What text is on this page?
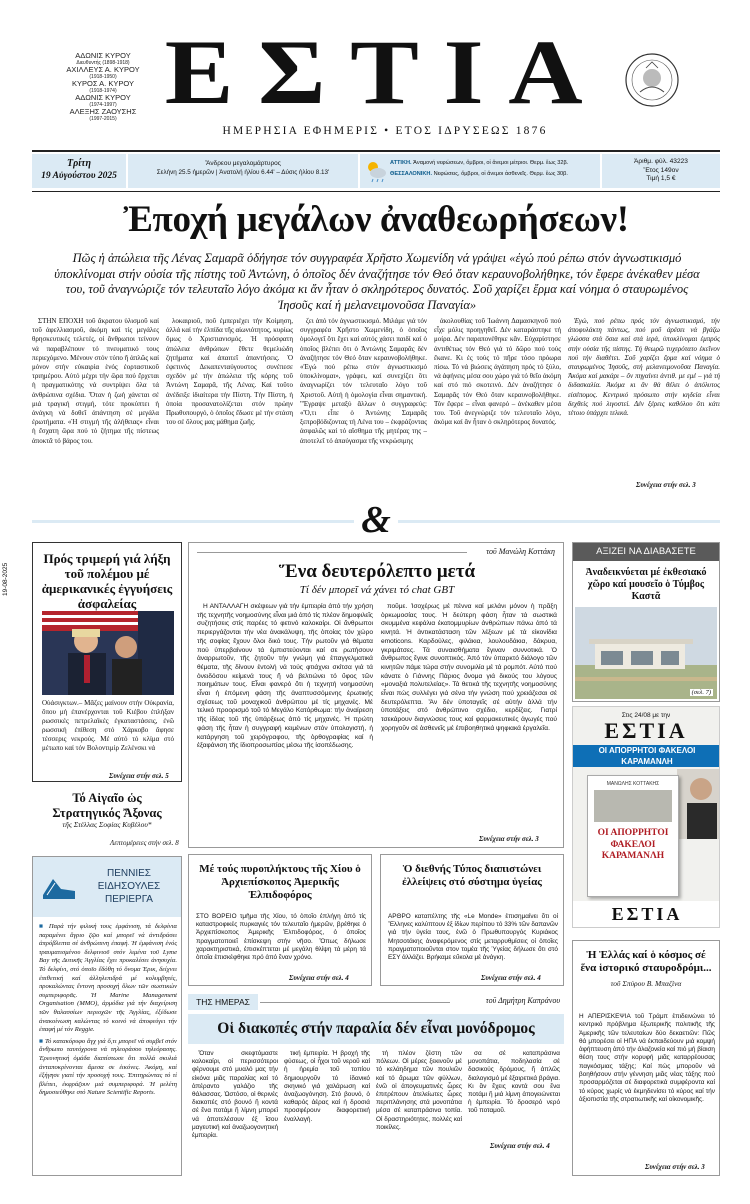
ΑΔΩΝΙΣ ΚΥΡΟΥ
Διευθυντής (1898-1918)
ΑΧΙΛΛΕΥΣ Α. ΚΥΡΟΥ
(1918-1950)
ΚΥΡΟΣ Α. ΚΥΡΟΥ
(1918-1974)
ΑΔΩΝΙΣ ΚΥΡΟΥ
(1974-1997)
ΑΛΕΞΗΣ ΖΑΟΥΣΗΣ
(1997-2015) ΕΣΤΙΑ
ΗΜΕΡΗΣΙΑ ΕΦΗΜΕΡΙΣ • ΕΤΟΣ ΙΔΡΥΣΕΩΣ 1876
Τρίτη
19 Αὐγούστου 2025
Ἄνδρεου μεγαλομάρτυρος
Σελήνη 25.5 ἡμερῶν | Ἀνατολή ἡλίου 6.44' – Δύσις ἡλίου 8.13'
ΑΤΤΙΚΗ. Ἀναμονή νεφώσεων, ὄμβροι, οἱ ἄνεμοι μέτριοι. Θερμ. ἕως 32β.
ΘΕΣΣΑΛΟΝΙΚΗ. Νεφώσεις, ὄμβροι, οἱ ἄνεμοι ἀσθενεῖς. Θερμ. ἕως 30β.
Ἀριθμ. φύλ. 43223
Ἔτος 149ον
Τιμή 1,5 €
Ἐποχή μεγάλων ἀναθεωρήσεων!
Πῶς ἡ ἀπώλεια τῆς Λένας Σαμαρᾶ ὁδήγησε τόν συγγραφέα Χρῆστο Χωμενίδη νά γράψει «ἐγώ πού ρέπω στόν ἀγνωστικισμό ὑποκλίνομαι στήν οὐσία τῆς πίστης τοῦ Ἀντώνη, ὁ ὁποῖος δέν ἀναζήτησε τόν Θεό ὅταν κεραυνοβολήθηκε, τόν ἔφερε ἀνέκαθεν μέσα του, τοῦ ἀναγνώριζε τόν τελευταῖο λόγο ἀκόμα κι ἄν ἦταν ὁ σκληρότερος δυνατός. Σοῦ χαρίζει ἔρμα καί νόημα ὁ σταυρωμένος Ἰησοῦς καί ἡ μελανειμονοῦσα Παναγία»

ΣΤΗΝ ΕΠΟΧΗ τοῦ ἄκρατου ὑλισμοῦ καί τοῦ ἀφελλιασμοῦ, ἀκόμη καί τίς μεγάλες θρησκευτικές τελετές, οἱ ἄνθρωποι τείνουν νά παραβλέπουν τό πνευματικό τους περιεχόμενο. Μένουν στόν τύπο ἤ ἁπλῶς καί μόνον στήν εὐκαιρία ἑνός ἑορταστικοῦ τριημέρου. Αὐτό μέχρι τήν ὥρα πού ἔρχεται ἡ πραγματικότης νά συντρίψει ὅλα τά ἀνθρώπινα σχέδια. Ὅταν ἡ ζωή χάνεται σέ μιά τραγική στιγμή, τότε προκύπτει ἡ ἀνάγκη νά δοθεῖ ἀπάντηση σέ μεγάλα ἐρωτήματα. «Ἡ στιγμή τῆς ἀλήθειας» εἶναι ἡ ἔσχατη ὥρα πού τό ζήτημα τῆς πίστεως ἀποκτᾶ τό βάρος του.

λοκαιριοῦ, ποῦ ἐμπεριέχει τήν Κοίμηση, ἀλλά καί τήν ἐλπίδα τῆς αἰωνιότητος, κυρίως ὅμως ὁ Χριστιανισμός. Ἡ πρόσφατη ἀπώλεια ἀνθρώπων ἔθετε θεμελιώδη ζητήματα καί ἀπαιτεῖ ἀπαντήσεις. Ὁ ἐφετινός Δεκαπενταύγουστος συνέπεσε σχεδόν μέ τήν ἀπώλεια τῆς κόρης τοῦ Ἀντώνη Σαμαρᾶ, τῆς Λένας. Καί τοῦτο ἀνέδειξε ἰδιαίτερα τήν Πίστη. Τήν Πίστη, ἡ ὁποία προσανατολίζεται στόν πρώην Πρωθυπουργό, ὁ ὁποῖος ἔδωσε μέ τήν στάση του σέ ὅλους μας μάθημα ζωῆς.

ζει ἀπό τόν ἀγνωστικισμό. Μιλάμε γιά τόν συγγραφέα Χρῆστο Χωμενίδη, ὁ ὁποῖος ὁμολογεῖ ὅτι ἔχει καί αὐτός χάσει παιδί καί ὁ ὁποῖος βλέπει ὅτι ὁ Ἀντώνης Σαμαρᾶς δέν ἀναζήτησε τόν Θεό ὅταν κεραυνοβολήθηκε. «Ἐγώ πού ρέπω στόν ἀγνωστικισμό ὑποκλίνομαι», γράφει, καί συνεχίζει ὅτι ἀναγνωρίζει τόν τελευταῖο λόγο τοῦ Χριστοῦ. Αὐτή ἡ ὁμολογία εἶναι σημαντική. "Ἐγραψε μεταξύ ἄλλων ὁ συγγραφεύς: «Ὅ,τι εἶπε ὁ Ἀντώνης Σαμαρᾶς ξεπροβόδιζοντας τή Λένα του – ἐκφράζοντας ἀσφαλῶς καί τό αἴσθημα τῆς μητέρας της – ἀποτελεῖ τό ἀπαύγασμα τῆς νεκρώσιμης

ἀκολουθίας τοῦ Ἰωάννη Δαμασκηνοῦ πού εἶχε μόλις προηγηθεῖ. Δέν καταράστηκε τή μοίρα. Δέν παραπονέθηκε κἄν. Εὐχαρίστησε ἀντιθέτως τόν Θεό γιά τό δῶρο πού τούς ἔκανε. Κι ἐς τούς τό πῆρε τόσο πρόωρα πίσω. Τό νά βιώσεις ἀγάπηση πρός τό ξύλο, νά ἀφήνεις μέσα σου χώρο γιά τό θεῖο ἀκόμη καί στό πιό σκοτεινό. Δέν ἀναζήτησε ὁ Σαμαρᾶς τόν Θεό ὅταν κεραυνοβολήθηκε. Τόν ἔφερε – εἶναι φανερό – ἀνέκαθεν μέσα του. Τοῦ ἀνεγνώριζε τόν τελευταῖο λόγο, ἀκόμα καί ἄν ἦταν ὁ σκληρότερος δυνατός.

Ἐγώ, πού ρέπω πρός τόν ἀγνωστικισμό, τήν ἀποφυλάκτη πάντως, πού μοῦ ἀρέσει νά βγάζω γλώσσα στά ὅσια καί στά ἱερά, ὑποκλίνομαι ἐμπρός στήν οὐσία τῆς πίστης. Τή θεωρῶ τυχερότατο ἐκεῖνον πού τήν διαθέτει. Σοῦ χαρίζει ἔρμα καί νόημα ὁ σταυρωμένος Ἰησοῦς, στή μελανειμονοῦσα Παναγία. Ἀκόμα καί μακάρι – ὄν πηγαίνει ἀντιθ. με εμέ – γιά τή διδασκαλία. Ἀκόμα κι ἄν θά θέλει ὁ ἀπόλυτος εἰσέπομος. Κεντρικό πρόσωπο στήν κηδεία εἶναι δεχθείς πού λιγοστεί. Δέν ξέρεις καθόλου ὅτι κάτι τέτοιο ὑπάρχει τελικά.

Συνέχεια στήν σελ. 3
&
19-08-2025
Πρός τριμερή γιά λήξη τοῦ πολέμου μέ ἀμερικανικές ἐγγυήσεις ἀσφαλείας
Οὐάσιγκτων.– Μᾶζες μαίνουν στήν Οὐκρανία, ὅπου μή ἐπανέρχονται τοῦ Κιέβου ἐπλήξαν ρωσσικές πετρελαϊκές ἐγκαταστάσεις, ἐνῶ ρωσσική ἐπίθεση στό Χάρκοβο ἄφησε τέσσερις νεκρούς. Μέ αὐτό τό κλίμα στό μέτωπο καί τόν Βολοντιμίρ Ζελένσκι νά
Συνέχεια στήν σελ. 5
Τό Αἰγαῖο ὡς Στρατηγικός Ἄξονας
τῆς Στέλλας Σοφίας Κυβέλου*
Λεπτομέρειες στήν σελ. 8
ΠΕΝΝΙΕΣ ΕΙΔΗΣΟΥΛΕΣ ΠΕΡΙΕΡΓΑ

■ Παρά τήν φιλική τους ἐμφάνιση, τά δελφίνια παραμένει ἄγριο ζῷο καί μπορεῖ νά ἀντιδράσει ἀπρόβλεπτα σέ ἀνθρώπινη ἐπαφή. Ἡ ἐμφάνιση ἑνός τραυματισμένου δελφινιοῦ στόν λιμένα τοῦ Lyme Bay τῆς Δυτικῆς Ἀγγλίας ἔχει προκαλέσει ἀνησυχία. Τό δελφίνι, στό ὁποῖο ἔδόθη τό ὄνομα Έρικ, δείχνει ἐπιθετική καί ἀλληλεπιδρά μέ κολυμβητές, προκαλώντας ἔντονη προσοχή ὅλων τῶν σωστικών συμπεριφορᾶς. Ἡ Marine Management Organisation (MMO), ἁρμόδια γιά τήν διαχείριση τῶν θαλασσίων περιοχῶν τῆς Ἀγγλίας, ἐξέδωσε ἀνακοίνωση καλώντας τό κοινό νά ἀποφεύγει τήν ἐπαφή μέ τόν Reggie.

■ Τό κατακόρυφο ἄγχ γιά ὅ,τι μπορεῖ νά συμβεῖ στόν ἄνθρωπο ταυτόχρονα νά τηλεοράσου τηλεόρασης. Ἐρευνητική ὁμάδα διαπίστωσε ὅτι πολλά σκυλιά ἀνταποκρίνονται ἄμεσα σε ἐικόνες. Ἀκόμη, καί ἐξήγησε γιατί τήν προσοχή τους. Ἐπιτηρώντας τό τί βλέπει, ἐκφράζουν μιά συμπεριφορά. Ἡ μελέτη δημοσιεύθηκε στό Nature Scientific Reports.

τοῦ Μανώλη Κοττάκη
Ἕνα δευτερόλεπτο μετά
Τί δέν μπορεῖ νά χάνει τό chat GBT

Η ΑΝΤΑΛΛΑΓΗ σκέψεων γιά τήν ἐμπειρία ἀπό τήν χρήση τῆς τεχνητῆς νοημοσύνης εἶναι μιά ἀπό τίς πλέον δημοφιλεῖς συζητήσεις στίς παρέες τό φετινό καλοκαίρι. Οἱ ἄνθρωποι περιεργάζονται τήν νέα ἀνακάλυψη, τῆς ὁποίας τόν χώρο τῆς σοφίας ἔχουν ὅλοι δικό τους. Τήν ρωτοῦν γιά θέματα πού ὑπερβαίνουν τά ἐμπιστεύονται καί σε ρωτήσουν ἀναρρωτοῦν, τῆς ζητοῦν τήν γνώμη γιά ἐπαγγελματικά θέματα, τῆς δίνουν ἐντολή νά τούς φτιάχνει σκίτσα γιά τά ὀνειδόσου κείμενά τους ἤ νά βελτιώνει τό ὕφος τῶν ποιημάτων τους. Εἶναι φανερό ὅτι ἡ τεχνητή νοημοσύνη εἶναι ἡ ἐπόμενη φάση τῆς ἀναπτυσσόμενης ἐρωτικής σχέσεως τοῦ μοναχικοῦ ἀνθρώπου μέ τίς μηχανές. Μέ τελικό προορισμό τοῦ τό Μεγάλο Κατόρθωμα: τήν ἀναίρεση τῆς ἰδέας τοῦ τῆς ὑπάρξεως ἀπό τίς μηχανές. Ἡ πρώτη φάση τῆς ἦταν ἡ συγγραφή κειμένων στόν ὑπολογιστή, ἡ κατάργηση τοῦ χειρόγραφου, τῆς ὀρθογραφίας καί ἡ ἐξαφάνιση τῆς ἰδιοπροσωπίας μέσω τῆς ἰσοπέδωσης.

ποῦμε. Ἰσοχέρως μέ πέννα καί μελάνι μόνον ἡ πρᾶξη ὁρκωμοσίας τους. Ἡ δεύτερη φάση ἦταν τά σωστικά σκυμμένα κεφάλια ἑκατομμυρίων ἀνθρώπων πάνω ἀπό τά κινητά. Ἡ ἀντικατάσταση τῶν λέξεων μέ τά εἰκονίδια emoticons. Καρδούλες, φιλάκια, λουλουδάκια, δάκρυα, γκριμάτσες. Τά συναισθήματα ἔγιναν συννοτικά. Ὁ ἄνθρωπος ἔγινε συνοπτικός. Ἀπό τόν ὑπαρκτό διάλογο τῶν κινητῶν πάμε τώρα στήν συνομιλία μέ τά ρομπότ. Αὐτό πού κάνατε ὁ Γιάννης Πάριος ὄνομα γιά δικούς του λόγους «μοναξιά πολυτελείας». Τά θετικά τῆς τεχνητῆς νοημοσύνης εἶναι πώς συλλέγει γιά σένα τήν γνώση πού χρειάζεσαι σέ δευτερόλεπτα. Ἄν δέν ὑποταγεῖς σέ αὐτήν ἀλλά τήν ὑποτάξεις στό ἀνθρώπινο σχέδιο, κερδίζεις. Γιατρί τσεκάρουν διαγνώσεις τους καί φαρμακευτικές ἀγωγές πού χορηγοῦν σέ ἀσθενεῖς μέ ἐπιβοηθητικά ψηφιακά ἐργαλεῖα.

Συνέχεια στήν σελ. 3
Μέ τούς πυροπλήκτους τῆς Χίου ὁ Ἀρχιεπίσκοπος Ἀμερικῆς Ἐλπιδοφόρος
ΣΤΟ ΒΟΡΕΙΟ τμῆμα τῆς Χίου, τό ὁποῖο ἐπλήγη ἀπό τίς καταστροφικές πυρκαγιές τόν τελευταῖο ἡμερῶν, βρέθηκε ὁ Ἀρχιεπίσκοπος Ἀμερικῆς Ἐλπιδοφόρος, ὁ ὁποῖος πραγματοποιεῖ ἐπίσκεψη στήν νῆσο. Ὅπως δήλωσε χαρακτηριστικά, ἐπισκέπτεται μέ μεγάλη θλίψη τά μέρη τά ὁποῖα ἐπισκέφθηκε πρό ἀπό ἕναν χρόνο.
Συνέχεια στήν σελ. 4
Ὁ διεθνής Τύπος διαπιστώνει ἐλλείψεις στό σύστημα ὑγείας
ΑΡΘΡΟ καταπέλτης τῆς «Le Monde» ἐπισημαίνει ὅτι οἱ Ἕλληνες καλύπτουν ἐξ ἰδίων περίπου τό 33% τῶν δαπανῶν γιά τήν ὑγεία τους, ἐνῶ ὁ Πρωθυπουργός Κυριάκος Μητσοτάκης ἀναφερόμενος στίς μεταρρυθμίσεις οἱ ὁποῖες πραγματοποιοῦνται στον τομέα τῆς Ὑγείας δήλωσε ὅτι στό ΕΣΥ ἀλλάζει. Βρήκαμε εὔκολα μέ ἀνάγκη.
Συνέχεια στήν σελ. 4
ΤΗΣ ΗΜΕΡΑΣ	τοῦ Δημήτρη Καπράνου
Οἱ διακοπές στήν παραλία δέν εἶναι μονόδρομος

Ὅταν σκεφτόμαστε καλοκαίρι, οἱ περισσότεροι φέρνουμε στό μυαλό μας τήν εἰκόνα μιᾶς παραλίας καί τό ἀπέραντο γαλάζιο τῆς θάλασσας. Ὡστόσο, οἱ θερινές διακοπές στό βουνό ἢ κοντά σέ ἕνα ποτάμι ἢ λίμνη μπορεῖ νά ἀποτελέσουν ἐξ ἴσου μαγευτική καί ἀναζωογονητική ἐμπειρία.

τική ἐμπειρία. Ἡ βροχή τῆς φύσεως, οἱ ἦχοι τοῦ νεροῦ καί ἡ ἠρεμία τοῦ τοπίου δημιουργοῦν τό ἰδανικό σκηνικό γιά χαλάρωση καί ἀναζωογόνηση. Στό βουνό, ὁ καθαρός ἀέρας καί ἡ δροσιά προσφέρουν διαφορετική ἐναλλαγή.

τή πλέον ζέστη τῶν πόλεων. Οἱ μέρες ξεκινοῦν μέ τό κελάηδημα τῶν πουλιῶν καί τό ἄρωμα τῶν φύλλων, ἐνῶ οἱ ἀπογευματινές ὧρες ἐπιτρέπουν ἀτελείωτες ὧρες περιπλάνησης στά μονοπάτια μέσα σέ καταπράσινα τοπία. Οἱ δραστηριότητες, πολλές καί ποικίλες.

σα σέ καταπράσινα μονοπάτια, ποδηλασία σέ δασικούς δρόμους, ἤ ἁπλῶς διαλογισμό μέ ἐξαιρετικά βράγια. Κι ἂν ἔχεις κοντά σου ἕνα ποτάμι ἢ μιά λίμνη ἀπογειώνεται ἡ ἐμπειρία. Τό δροσερό νερό τοῦ ποταμοῦ.

Συνέχεια στήν σελ. 4
ΑΞΙΖΕΙ ΝΑ ΔΙΑΒΑΣΕΤΕ
Ἀναδεικνύεται μέ ἐκθεσιακό χῶρο καί μουσεῖο ὁ Τύμβος Καστᾶ
(σελ. 7)
Στις 24/08 με την
ΕΣΤΙΑ
ΟΙ ΑΠΟΡΡΗΤΟΙ ΦΑΚΕΛΟΙ ΚΑΡΑΜΑΝΛΗ
ΜΑΝΩΛΗΣ ΚΟΤΤΑΚΗΣ
ΟΙ ΑΠΟΡΡΗΤΟΙ ΦΑΚΕΛΟΙ ΚΑΡΑΜΑΝΛΗ
ΕΣΤΙΑ
Ἡ Ἑλλάς καί ὁ κόσμος σέ ἕνα ἱστορικό σταυροδρόμι...
τοῦ Σπύρου Β. Μπαζίνα
Η ΑΠΕΡΙΣΚΕΨΙΑ τοῦ Τράμπ ἐπιδεινώνει τό κεντρικό πρόβλημα ἐξωτερικῆς πολιτικῆς τῆς Ἀμερικῆς τῶν τελευταίων δύο δεκαετιῶν: Πῶς θά μπορέσει οἱ ΗΠΑ νά ἐκπαιδεύουν μιά κομψή ἀφήπτευση ἀπό τήν ἀλαζονεία καί πιό μή βίαιση θέση τους στήν κορυφή μιᾶς καταρρέουσας παγκόσμιας τάξης; Καί πώς μποροῦν νά βοηθήσουν στήν γέννηση μιᾶς νέας τάξης πού προσαρμόζεται σέ διαφορετικά συμφέροντα καί τό κύρος χωρίς νά ἐκμηδενίσει τό κύρος καί τήν ἀξιοπιστία τῆς στρατιωτικῆς καί οἰκονομικῆς.
Συνέχεια στήν σελ. 3
